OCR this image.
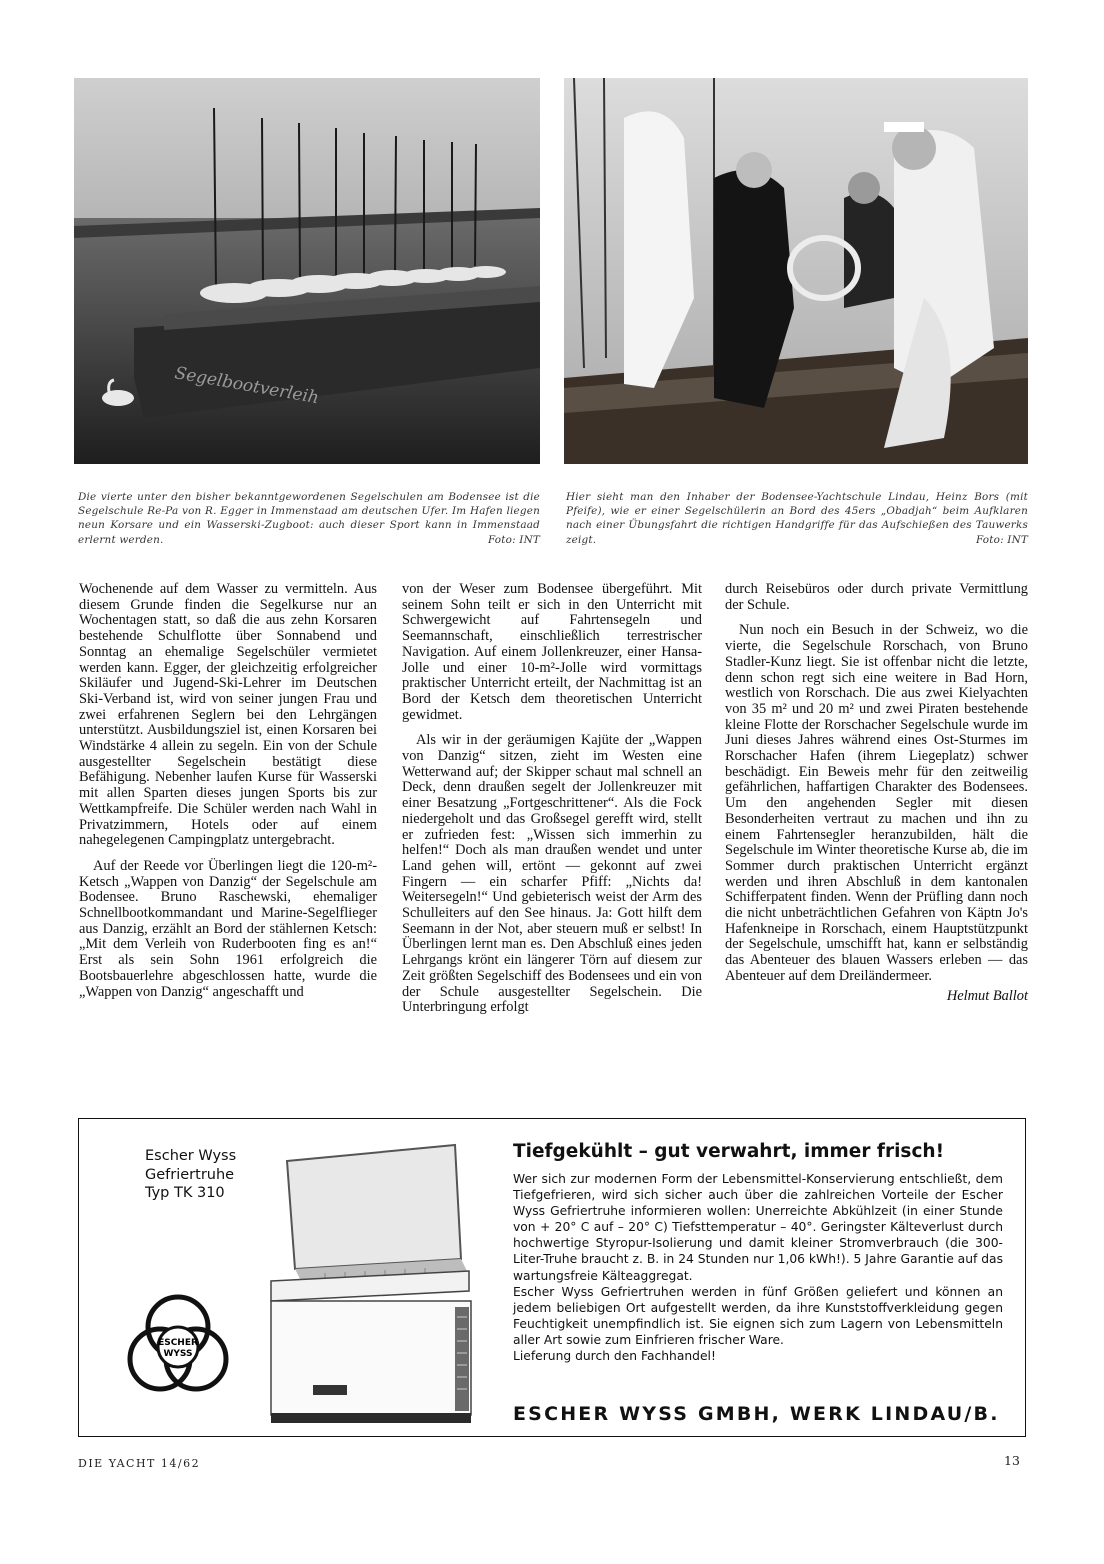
Segelbootverleih
Die vierte unter den bisher bekanntgewordenen Segelschulen am Bodensee ist die Segelschule Re-Pa von R. Egger in Immenstaad am deutschen Ufer. Im Hafen liegen neun Korsare und ein Wasserski-Zugboot: auch dieser Sport kann in Immenstaad erlernt werden.	Foto: INT
Hier sieht man den Inhaber der Bodensee-Yachtschule Lindau, Heinz Bors (mit Pfeife), wie er einer Segelschülerin an Bord des 45ers „Obadjah“ beim Aufklaren nach einer Übungsfahrt die richtigen Handgriffe für das Aufschießen des Tauwerks zeigt.	Foto: INT

Wochenende auf dem Wasser zu vermitteln. Aus diesem Grunde finden die Segelkurse nur an Wochentagen statt, so daß die aus zehn Korsaren bestehende Schulflotte über Sonnabend und Sonntag an ehemalige Segelschüler vermietet werden kann. Egger, der gleichzeitig erfolgreicher Skiläufer und Jugend-Ski-Lehrer im Deutschen Ski-Verband ist, wird von seiner jungen Frau und zwei erfahrenen Seglern bei den Lehrgängen unterstützt. Ausbildungsziel ist, einen Korsaren bei Windstärke 4 allein zu segeln. Ein von der Schule ausgestellter Segelschein bestätigt diese Befähigung. Nebenher laufen Kurse für Wasserski mit allen Sparten dieses jungen Sports bis zur Wettkampfreife. Die Schüler werden nach Wahl in Privatzimmern, Hotels oder auf einem nahegelegenen Campingplatz untergebracht.

Auf der Reede vor Überlingen liegt die 120-m²-Ketsch „Wappen von Danzig“ der Segelschule am Bodensee. Bruno Raschewski, ehemaliger Schnellbootkommandant und Marine-Segelflieger aus Danzig, erzählt an Bord der stählernen Ketsch: „Mit dem Verleih von Ruderbooten fing es an!“ Erst als sein Sohn 1961 erfolgreich die Bootsbauerlehre abgeschlossen hatte, wurde die „Wappen von Danzig“ angeschafft und

von der Weser zum Bodensee übergeführt. Mit seinem Sohn teilt er sich in den Unterricht mit Schwergewicht auf Fahrtensegeln und Seemannschaft, einschließlich terrestrischer Navigation. Auf einem Jollenkreuzer, einer Hansa-Jolle und einer 10-m²-Jolle wird vormittags praktischer Unterricht erteilt, der Nachmittag ist an Bord der Ketsch dem theoretischen Unterricht gewidmet.

Als wir in der geräumigen Kajüte der „Wappen von Danzig“ sitzen, zieht im Westen eine Wetterwand auf; der Skipper schaut mal schnell an Deck, denn draußen segelt der Jollenkreuzer mit einer Besatzung „Fortgeschrittener“. Als die Fock niedergeholt und das Großsegel gerefft wird, stellt er zufrieden fest: „Wissen sich immerhin zu helfen!“ Doch als man draußen wendet und unter Land gehen will, ertönt — gekonnt auf zwei Fingern — ein scharfer Pfiff: „Nichts da! Weitersegeln!“ Und gebieterisch weist der Arm des Schulleiters auf den See hinaus. Ja: Gott hilft dem Seemann in der Not, aber steuern muß er selbst! In Überlingen lernt man es. Den Abschluß eines jeden Lehrgangs krönt ein längerer Törn auf diesem zur Zeit größten Segelschiff des Bodensees und ein von der Schule ausgestellter Segelschein. Die Unterbringung erfolgt

durch Reisebüros oder durch private Vermittlung der Schule.

Nun noch ein Besuch in der Schweiz, wo die vierte, die Segelschule Rorschach, von Bruno Stadler-Kunz liegt. Sie ist offenbar nicht die letzte, denn schon regt sich eine weitere in Bad Horn, westlich von Rorschach. Die aus zwei Kielyachten von 35 m² und 20 m² und zwei Piraten bestehende kleine Flotte der Rorschacher Segelschule wurde im Juni dieses Jahres während eines Ost-Sturmes im Rorschacher Hafen (ihrem Liegeplatz) schwer beschädigt. Ein Beweis mehr für den zeitweilig gefährlichen, haffartigen Charakter des Bodensees. Um den angehenden Segler mit diesen Besonderheiten vertraut zu machen und ihn zu einem Fahrtensegler heranzubilden, hält die Segelschule im Winter theoretische Kurse ab, die im Sommer durch praktischen Unterricht ergänzt werden und ihren Abschluß in dem kantonalen Schifferpatent finden. Wenn der Prüfling dann noch die nicht unbeträchtlichen Gefahren von Käptn Jo's Hafenkneipe in Rorschach, einem Hauptstützpunkt der Segelschule, umschifft hat, kann er selbständig das Abenteuer des blauen Wassers erleben — das Abenteuer auf dem Dreiländermeer.

Helmut Ballot
Escher Wyss
Gefriertruhe
Typ TK 310
ESCHER
WYSS
Tiefgekühlt – gut verwahrt, immer frisch!

Wer sich zur modernen Form der Lebensmittel-Konservierung entschließt, dem Tiefgefrieren, wird sich sicher auch über die zahlreichen Vorteile der Escher Wyss Gefriertruhe informieren wollen: Unerreichte Abkühlzeit (in einer Stunde von + 20° C auf – 20° C) Tiefsttemperatur – 40°. Geringster Kälteverlust durch hochwertige Styropur-Isolierung und damit kleiner Stromverbrauch (die 300-Liter-Truhe braucht z. B. in 24 Stunden nur 1,06 kWh!). 5 Jahre Garantie auf das wartungsfreie Kälteaggregat.

Escher Wyss Gefriertruhen werden in fünf Größen geliefert und können an jedem beliebigen Ort aufgestellt werden, da ihre Kunststoffverkleidung gegen Feuchtigkeit unempfindlich ist. Sie eignen sich zum Lagern von Lebensmitteln aller Art sowie zum Einfrieren frischer Ware.

Lieferung durch den Fachhandel!

ESCHER WYSS GMBH, WERK LINDAU/B.
DIE YACHT 14/62	13
